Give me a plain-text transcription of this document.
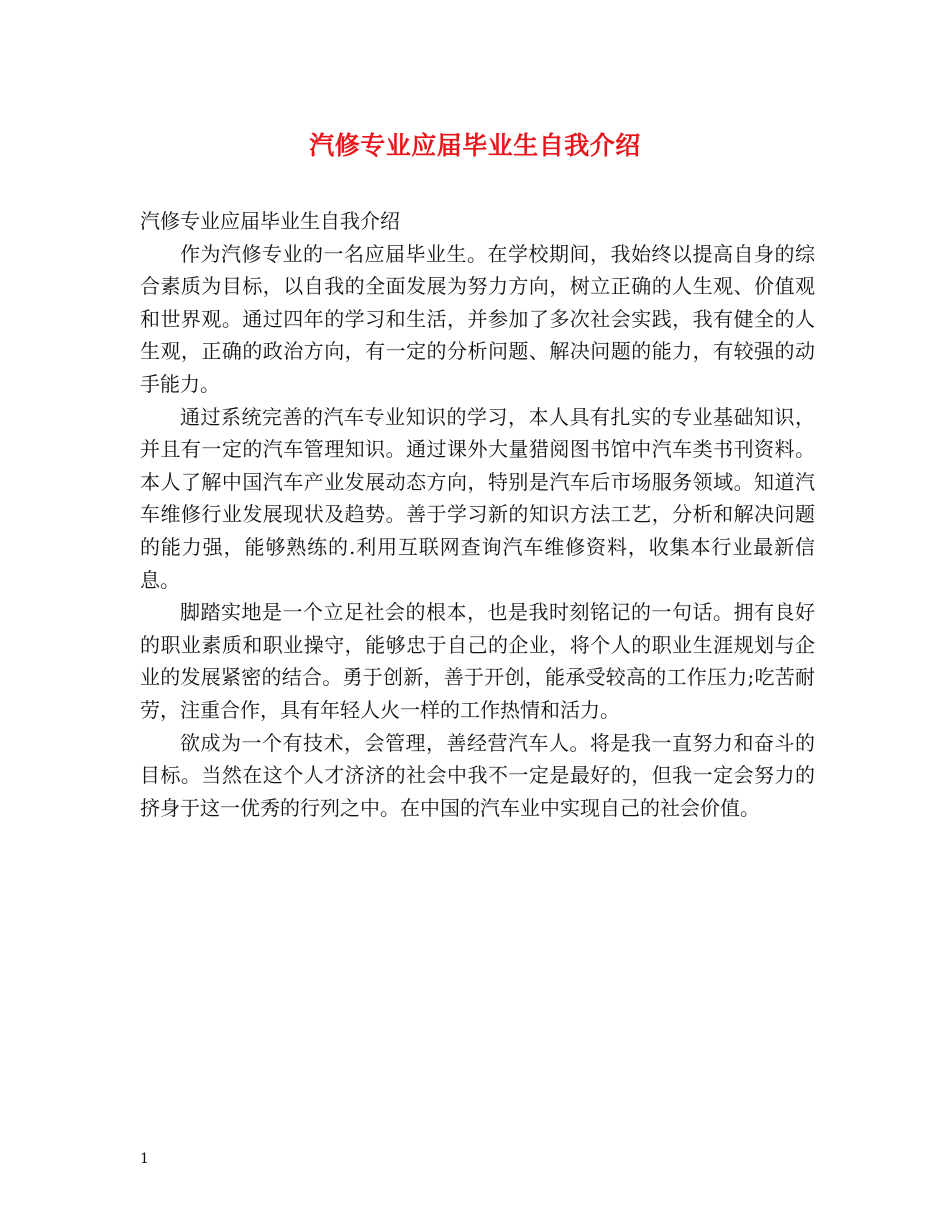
汽修专业应届毕业生自我介绍

汽修专业应届毕业生自我介绍

作为汽修专业的一名应届毕业生。在学校期间，我始终以提高自身的综合素质为目标，以自我的全面发展为努力方向，树立正确的人生观、价值观和世界观。通过四年的学习和生活，并参加了多次社会实践，我有健全的人生观，正确的政治方向，有一定的分析问题、解决问题的能力，有较强的动手能力。

通过系统完善的汽车专业知识的学习，本人具有扎实的专业基础知识，并且有一定的汽车管理知识。通过课外大量猎阅图书馆中汽车类书刊资料。本人了解中国汽车产业发展动态方向，特别是汽车后市场服务领域。知道汽车维修行业发展现状及趋势。善于学习新的知识方法工艺，分析和解决问题的能力强，能够熟练的.利用互联网查询汽车维修资料，收集本行业最新信息。

脚踏实地是一个立足社会的根本，也是我时刻铭记的一句话。拥有良好的职业素质和职业操守，能够忠于自己的企业，将个人的职业生涯规划与企业的发展紧密的结合。勇于创新，善于开创，能承受较高的工作压力;吃苦耐劳，注重合作，具有年轻人火一样的工作热情和活力。

欲成为一个有技术，会管理，善经营汽车人。将是我一直努力和奋斗的目标。当然在这个人才济济的社会中我不一定是最好的，但我一定会努力的挤身于这一优秀的行列之中。在中国的汽车业中实现自己的社会价值。

1
